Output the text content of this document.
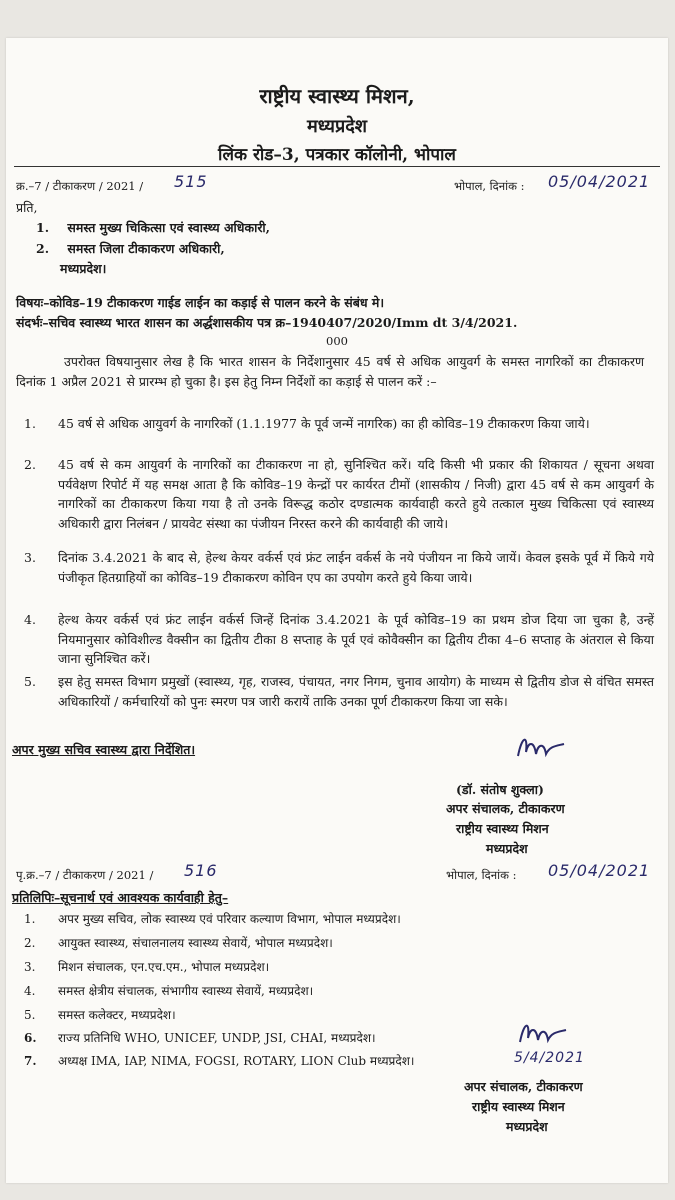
राष्ट्रीय स्वास्थ्य मिशन,
मध्यप्रदेश
लिंक रोड–3, पत्रकार कॉलोनी, भोपाल
क्र.–7 / टीकाकरण / 2021 / 515	भोपाल, दिनांक : 05/04/2021
प्रति,
1. समस्त मुख्य चिकित्सा एवं स्वास्थ्य अधिकारी,
2. समस्त जिला टीकाकरण अधिकारी,
मध्यप्रदेश।
विषयः–कोविड–19 टीकाकरण गाईड लाईन का कड़ाई से पालन करने के संबंध मे।
संदर्भः–सचिव स्वास्थ्य भारत शासन का अर्द्धशासकीय पत्र क्र–1940407/2020/Imm dt 3/4/2021.
000
उपरोक्त विषयानुसार लेख है कि भारत शासन के निर्देशानुसार 45 वर्ष से अधिक आयुवर्ग के समस्त नागरिकों का टीकाकरण दिनांक 1 अप्रैल 2021 से प्रारम्भ हो चुका है। इस हेतु निम्न निर्देशों का कड़ाई से पालन करें :–
1.	45 वर्ष से अधिक आयुवर्ग के नागरिकों (1.1.1977 के पूर्व जन्में नागरिक) का ही कोविड–19 टीकाकरण किया जाये।
2.	45 वर्ष से कम आयुवर्ग के नागरिकों का टीकाकरण ना हो, सुनिश्चित करें। यदि किसी भी प्रकार की शिकायत / सूचना अथवा पर्यवेक्षण रिपोर्ट में यह समक्ष आता है कि कोविड–19 केन्द्रों पर कार्यरत टीमों (शासकीय / निजी) द्वारा 45 वर्ष से कम आयुवर्ग के नागरिकों का टीकाकरण किया गया है तो उनके विरूद्ध कठोर दण्डात्मक कार्यवाही करते हुये तत्काल मुख्य चिकित्सा एवं स्वास्थ्य अधिकारी द्वारा निलंबन / प्रायवेट संस्था का पंजीयन निरस्त करने की कार्यवाही की जाये।
3.	दिनांक 3.4.2021 के बाद से, हेल्थ केयर वर्कर्स एवं फ्रंट लाईन वर्कर्स के नये पंजीयन ना किये जायें। केवल इसके पूर्व में किये गये पंजीकृत हितग्राहियों का कोविड–19 टीकाकरण कोविन एप का उपयोग करते हुये किया जाये।
4.	हेल्थ केयर वर्कर्स एवं फ्रंट लाईन वर्कर्स जिन्हें दिनांक 3.4.2021 के पूर्व कोविड–19 का प्रथम डोज दिया जा चुका है, उन्हें नियमानुसार कोविशील्ड वैक्सीन का द्वितीय टीका 8 सप्ताह के पूर्व एवं कोवैक्सीन का द्वितीय टीका 4–6 सप्ताह के अंतराल से किया जाना सुनिश्चित करें।
5.	इस हेतु समस्त विभाग प्रमुखों (स्वास्थ्य, गृह, राजस्व, पंचायत, नगर निगम, चुनाव आयोग) के माध्यम से द्वितीय डोज से वंचित समस्त अधिकारियों / कर्मचारियों को पुनः स्मरण पत्र जारी करायें ताकि उनका पूर्ण टीकाकरण किया जा सके।
अपर मुख्य सचिव स्वास्थ्य द्वारा निर्देशित।
(डॉ. संतोष शुक्ला)
अपर संचालक, टीकाकरण
राष्ट्रीय स्वास्थ्य मिशन
मध्यप्रदेश
पृ.क्र.–7 / टीकाकरण / 2021 / 516	भोपाल, दिनांक : 05/04/2021
प्रतिलिपिः–सूचनार्थ एवं आवश्यक कार्यवाही हेतु–
1. अपर मुख्य सचिव, लोक स्वास्थ्य एवं परिवार कल्याण विभाग, भोपाल मध्यप्रदेश।
2. आयुक्त स्वास्थ्य, संचालनालय स्वास्थ्य सेवायें, भोपाल मध्यप्रदेश।
3. मिशन संचालक, एन.एच.एम., भोपाल मध्यप्रदेश।
4. समस्त क्षेत्रीय संचालक, संभागीय स्वास्थ्य सेवायें, मध्यप्रदेश।
5. समस्त कलेक्टर, मध्यप्रदेश।
6. राज्य प्रतिनिधि WHO, UNICEF, UNDP, JSI, CHAI, मध्यप्रदेश।
7. अध्यक्ष IMA, IAP, NIMA, FOGSI, ROTARY, LION Club मध्यप्रदेश।	5/4/2021
अपर संचालक, टीकाकरण
राष्ट्रीय स्वास्थ्य मिशन
मध्यप्रदेश
